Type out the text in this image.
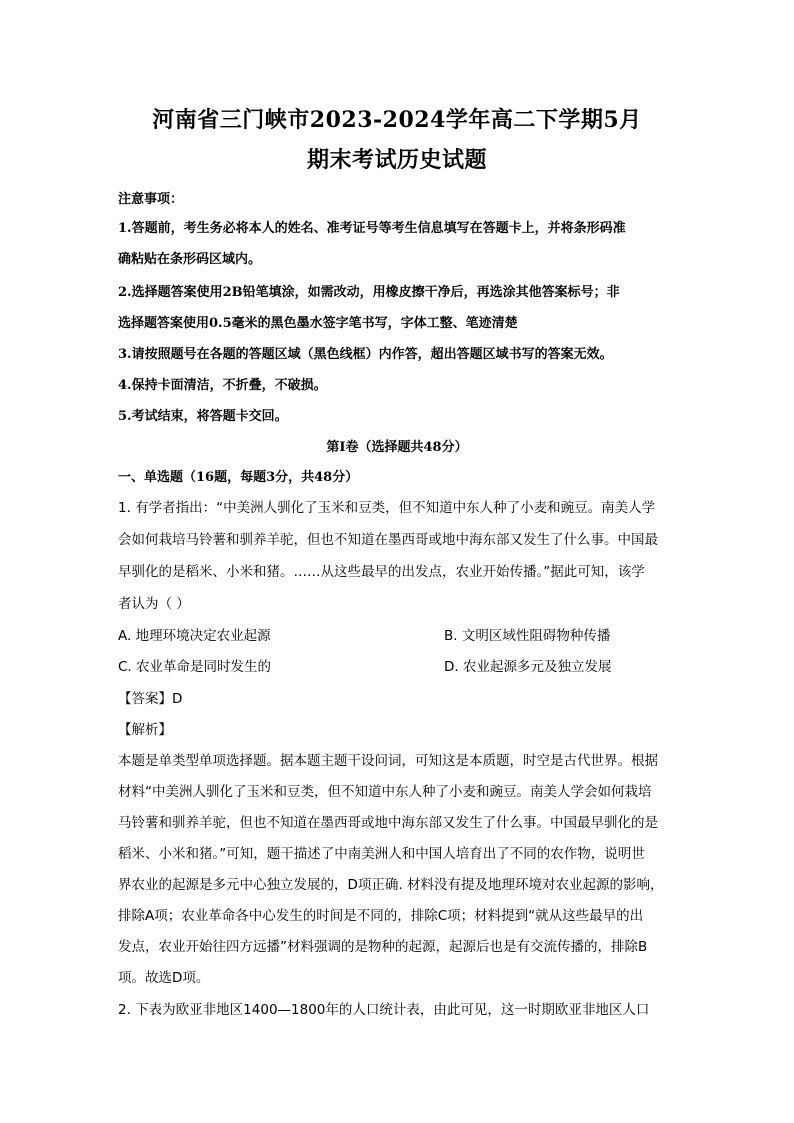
河南省三门峡市2023-2024学年高二下学期5月
期末考试历史试题
注意事项：
1.答题前，考生务必将本人的姓名、准考证号等考生信息填写在答题卡上，并将条形码准
确粘贴在条形码区域内。
2.选择题答案使用2B铅笔填涂，如需改动，用橡皮擦干净后，再选涂其他答案标号；非
选择题答案使用0.5毫米的黑色墨水签字笔书写，字体工整、笔迹清楚
3.请按照题号在各题的答题区域（黑色线框）内作答，超出答题区域书写的答案无效。
4.保持卡面清洁，不折叠，不破损。
5.考试结束，将答题卡交回。
第Ⅰ卷（选择题共48分）
一、单选题（16题，每题3分，共48分）
1. 有学者指出：“中美洲人驯化了玉米和豆类，但不知道中东人种了小麦和豌豆。南美人学
会如何栽培马铃薯和驯养羊驼，但也不知道在墨西哥或地中海东部又发生了什么事。中国最
早驯化的是稻米、小米和猪。……从这些最早的出发点，农业开始传播。”据此可知，该学
者认为（ ）
A. 地理环境决定农业起源	B. 文明区域性阻碍物种传播
C. 农业革命是同时发生的	D. 农业起源多元及独立发展
【答案】D
【解析】
本题是单类型单项选择题。据本题主题干设问词，可知这是本质题，时空是古代世界。根据
材料“中美洲人驯化了玉米和豆类，但不知道中东人种了小麦和豌豆。南美人学会如何栽培
马铃薯和驯养羊驼，但也不知道在墨西哥或地中海东部又发生了什么事。中国最早驯化的是
稻米、小米和猪。”可知，题干描述了中南美洲人和中国人培育出了不同的农作物，说明世
界农业的起源是多元中心独立发展的，D项正确. 材料没有提及地理环境对农业起源的影响，
排除A项；农业革命各中心发生的时间是不同的，排除C项；材料提到“就从这些最早的出
发点，农业开始往四方远播”材料强调的是物种的起源，起源后也是有交流传播的，排除B
项。故选D项。
2. 下表为欧亚非地区1400—1800年的人口统计表，由此可见，这一时期欧亚非地区人口
